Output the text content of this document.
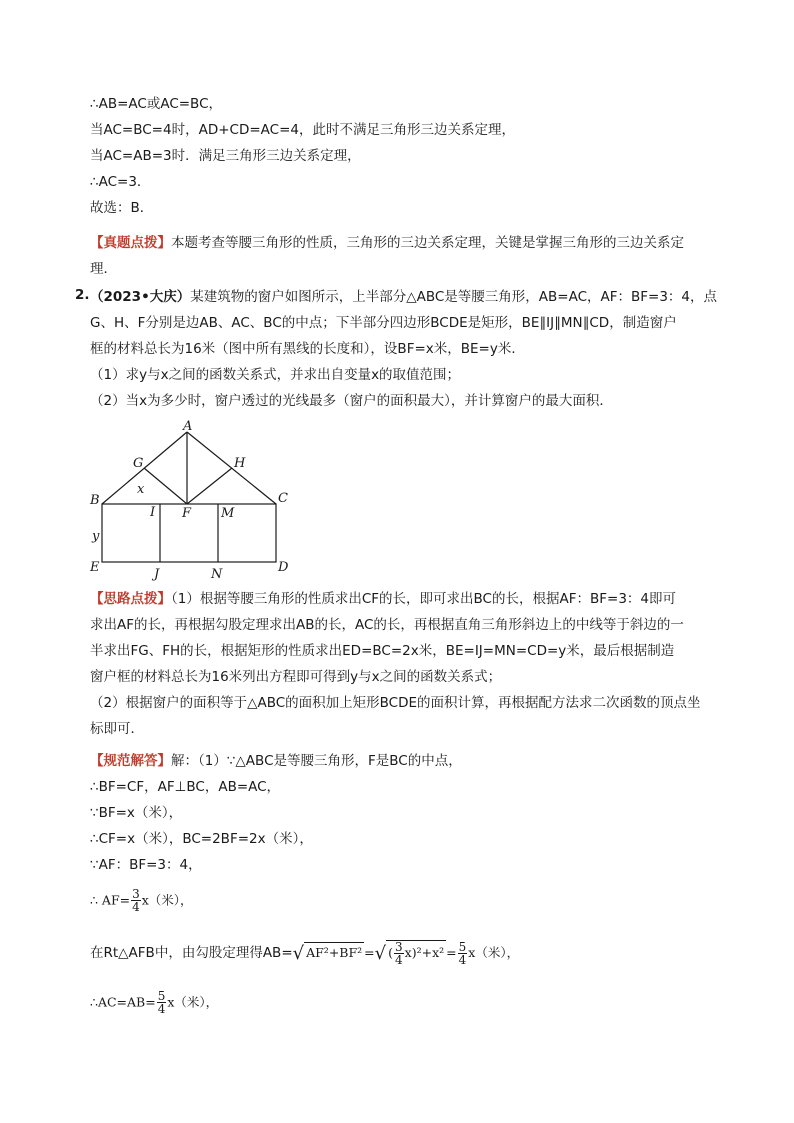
∴AB=AC或AC=BC，
当AC=BC=4时，AD+CD=AC=4，此时不满足三角形三边关系定理，
当AC=AB=3时．满足三角形三边关系定理，
∴AC=3．
故选：B．
【真题点拨】本题考查等腰三角形的性质，三角形的三边关系定理，关键是掌握三角形的三边关系定
理．
2. （2023•大庆）某建筑物的窗户如图所示，上半部分△ABC是等腰三角形，AB=AC，AF：BF=3：4，点
G、H、F分别是边AB、AC、BC的中点；下半部分四边形BCDE是矩形，BE∥IJ∥MN∥CD，制造窗户
框的材料总长为16米（图中所有黑线的长度和），设BF=x米，BE=y米．
（1）求y与x之间的函数关系式，并求出自变量x的取值范围；
（2）当x为多少时，窗户透过的光线最多（窗户的面积最大），并计算窗户的最大面积．
A
G	H
x
B	C
I F M
y
E	J	N	D
【思路点拨】（1）根据等腰三角形的性质求出CF的长，即可求出BC的长，根据AF：BF=3：4即可
求出AF的长，再根据勾股定理求出AB的长，AC的长，再根据直角三角形斜边上的中线等于斜边的一
半求出FG、FH的长，根据矩形的性质求出ED=BC=2x米，BE=IJ=MN=CD=y米，最后根据制造
窗户框的材料总长为16米列出方程即可得到y与x之间的函数关系式；
（2）根据窗户的面积等于△ABC的面积加上矩形BCDE的面积计算，再根据配方法求二次函数的顶点坐
标即可．
【规范解答】解：（1）∵△ABC是等腰三角形，F是BC的中点，
∴BF=CF，AF⊥BC，AB=AC，
∵BF=x（米），
∴CF=x（米），BC=2BF=2x（米），
∵AF：BF=3：4，
∴ $AF= \frac{3}{4} x$（米），
在Rt△AFB中，由勾股定理得AB=√ AF²+BF² =√ ( $\frac{3}{4} x)^2+x^2 = \frac{5}{4} x$（米），
∴AC=AB= $\frac{5}{4} x$（米），
